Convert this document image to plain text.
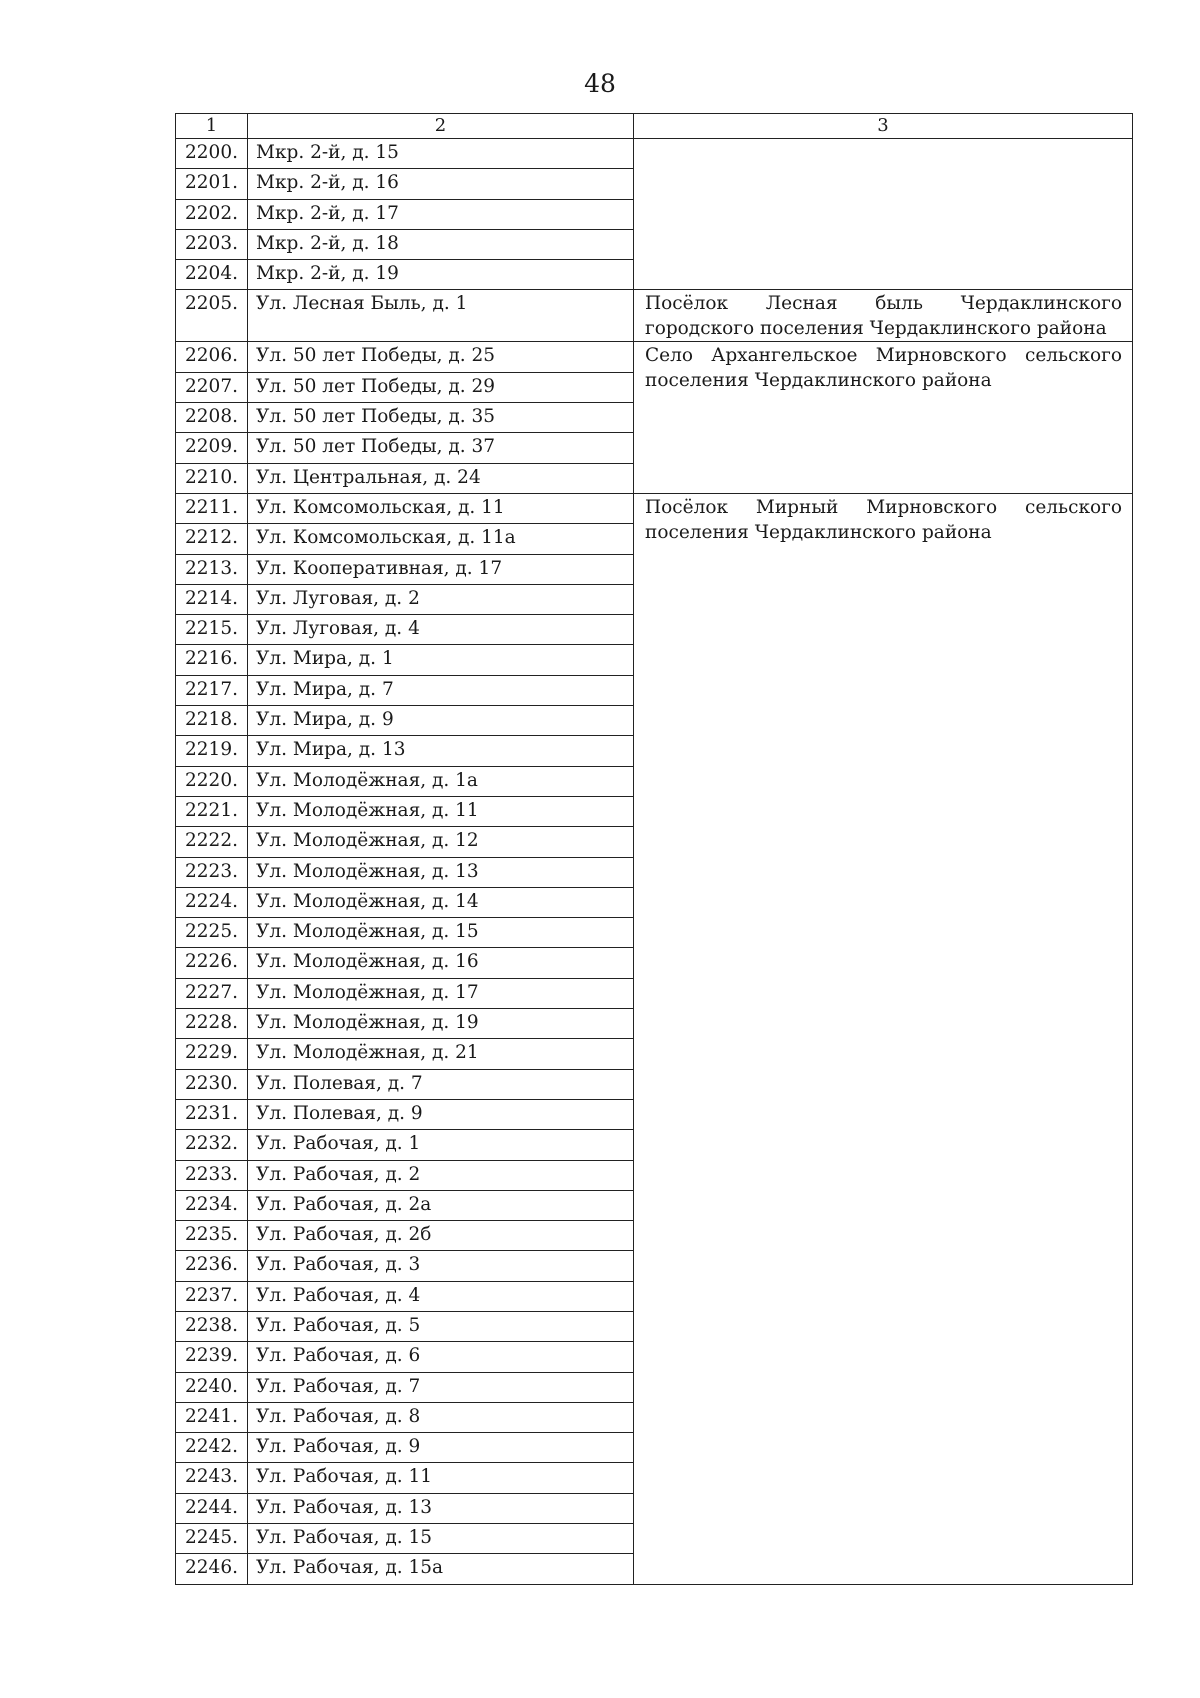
48
1	2	3
2200.	Мкр. 2-й, д. 15	

2201.	Мкр. 2-й, д. 16	
2202.	Мкр. 2-й, д. 17	
2203.	Мкр. 2-й, д. 18	
2204.	Мкр. 2-й, д. 19	
2205.	Ул. Лесная Быль, д. 1	Посёлок Лесная быль Чердаклинского городского поселения Чердаклинского района

2206.	Ул. 50 лет Победы, д. 25	Село Архангельское Мирновского сельского поселения Чердаклинского района

2207.	Ул. 50 лет Победы, д. 29	
2208.	Ул. 50 лет Победы, д. 35	
2209.	Ул. 50 лет Победы, д. 37	
2210.	Ул. Центральная, д. 24	
2211.	Ул. Комсомольская, д. 11	Посёлок Мирный Мирновского сельского поселения Чердаклинского района

2212.	Ул. Комсомольская, д. 11а	
2213.	Ул. Кооперативная, д. 17	
2214.	Ул. Луговая, д. 2	
2215.	Ул. Луговая, д. 4	
2216.	Ул. Мира, д. 1	
2217.	Ул. Мира, д. 7	
2218.	Ул. Мира, д. 9	
2219.	Ул. Мира, д. 13	
2220.	Ул. Молодёжная, д. 1а	
2221.	Ул. Молодёжная, д. 11	
2222.	Ул. Молодёжная, д. 12	
2223.	Ул. Молодёжная, д. 13	
2224.	Ул. Молодёжная, д. 14	
2225.	Ул. Молодёжная, д. 15	
2226.	Ул. Молодёжная, д. 16	
2227.	Ул. Молодёжная, д. 17	
2228.	Ул. Молодёжная, д. 19	
2229.	Ул. Молодёжная, д. 21	
2230.	Ул. Полевая, д. 7	
2231.	Ул. Полевая, д. 9	
2232.	Ул. Рабочая, д. 1	
2233.	Ул. Рабочая, д. 2	
2234.	Ул. Рабочая, д. 2а	
2235.	Ул. Рабочая, д. 2б	
2236.	Ул. Рабочая, д. 3	
2237.	Ул. Рабочая, д. 4	
2238.	Ул. Рабочая, д. 5	
2239.	Ул. Рабочая, д. 6	
2240.	Ул. Рабочая, д. 7	
2241.	Ул. Рабочая, д. 8	
2242.	Ул. Рабочая, д. 9	
2243.	Ул. Рабочая, д. 11	
2244.	Ул. Рабочая, д. 13	
2245.	Ул. Рабочая, д. 15	
2246.	Ул. Рабочая, д. 15а	
